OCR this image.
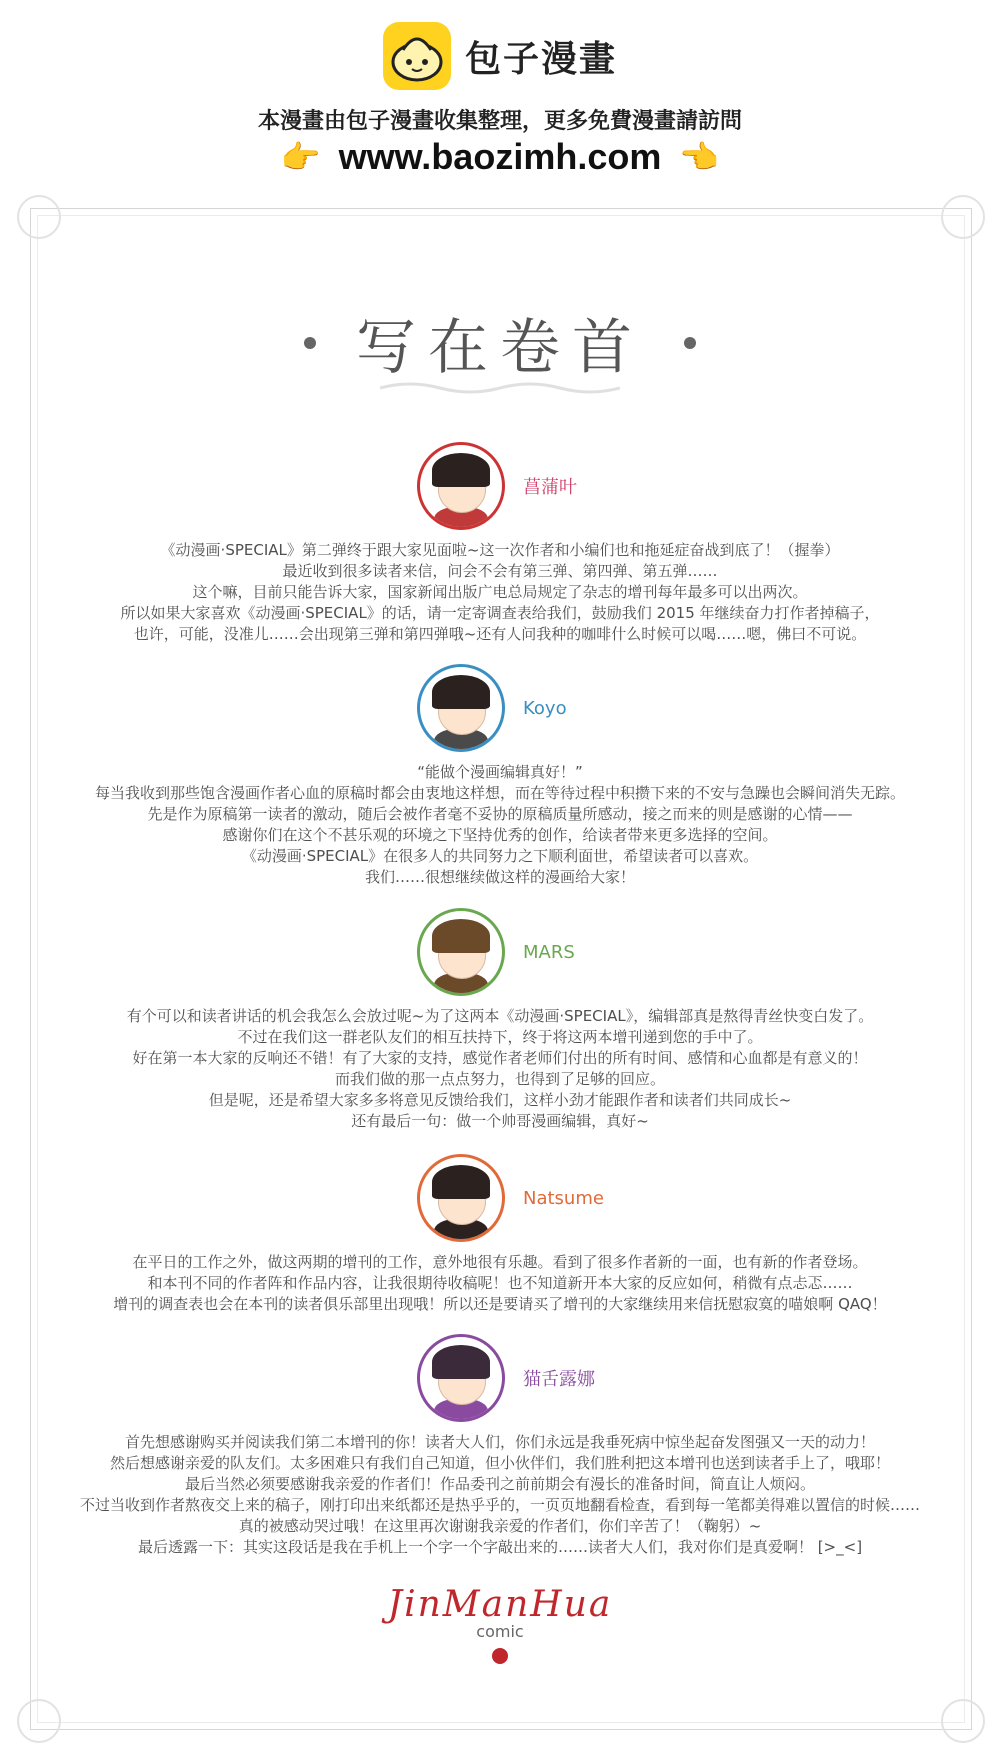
包子漫畫
本漫畫由包子漫畫收集整理，更多免費漫畫請訪問
👉 www.baozimh.com 👈
写在卷首
菖蒲叶
《动漫画·SPECIAL》第二弹终于跟大家见面啦~这一次作者和小编们也和拖延症奋战到底了！（握拳）
最近收到很多读者来信，问会不会有第三弹、第四弹、第五弹……
这个嘛，目前只能告诉大家，国家新闻出版广电总局规定了杂志的增刊每年最多可以出两次。
所以如果大家喜欢《动漫画·SPECIAL》的话，请一定寄调查表给我们，鼓励我们 2015 年继续奋力打作者掉稿子，
也许，可能，没准儿……会出现第三弹和第四弹哦~还有人问我种的咖啡什么时候可以喝……嗯，佛曰不可说。
Koyo
“能做个漫画编辑真好！”
每当我收到那些饱含漫画作者心血的原稿时都会由衷地这样想，而在等待过程中积攒下来的不安与急躁也会瞬间消失无踪。
先是作为原稿第一读者的激动，随后会被作者毫不妥协的原稿质量所感动，接之而来的则是感谢的心情——
感谢你们在这个不甚乐观的环境之下坚持优秀的创作，给读者带来更多选择的空间。
《动漫画·SPECIAL》在很多人的共同努力之下顺利面世，希望读者可以喜欢。
我们……很想继续做这样的漫画给大家！
MARS
有个可以和读者讲话的机会我怎么会放过呢~为了这两本《动漫画·SPECIAL》，编辑部真是熬得青丝快变白发了。
不过在我们这一群老队友们的相互扶持下，终于将这两本增刊递到您的手中了。
好在第一本大家的反响还不错！有了大家的支持，感觉作者老师们付出的所有时间、感情和心血都是有意义的！
而我们做的那一点点努力，也得到了足够的回应。
但是呢，还是希望大家多多将意见反馈给我们，这样小劲才能跟作者和读者们共同成长~
还有最后一句：做一个帅哥漫画编辑，真好~
Natsume
在平日的工作之外，做这两期的增刊的工作，意外地很有乐趣。看到了很多作者新的一面，也有新的作者登场。
和本刊不同的作者阵和作品内容，让我很期待收稿呢！也不知道新开本大家的反应如何，稍微有点忐忑……
增刊的调查表也会在本刊的读者俱乐部里出现哦！所以还是要请买了增刊的大家继续用来信抚慰寂寞的喵娘啊 QAQ！
猫舌露娜
首先想感谢购买并阅读我们第二本增刊的你！读者大人们，你们永远是我垂死病中惊坐起奋发图强又一天的动力！
然后想感谢亲爱的队友们。太多困难只有我们自己知道，但小伙伴们，我们胜利把这本增刊也送到读者手上了，哦耶！
最后当然必须要感谢我亲爱的作者们！作品委刊之前前期会有漫长的准备时间，简直让人烦闷。
不过当收到作者熬夜交上来的稿子，刚打印出来纸都还是热乎乎的，一页页地翻看检查，看到每一笔都美得难以置信的时候……
真的被感动哭过哦！在这里再次谢谢我亲爱的作者们，你们辛苦了！（鞠躬）~
最后透露一下：其实这段话是我在手机上一个字一个字敲出来的……读者大人们，我对你们是真爱啊！ [>_<]
JinManHua
comic
